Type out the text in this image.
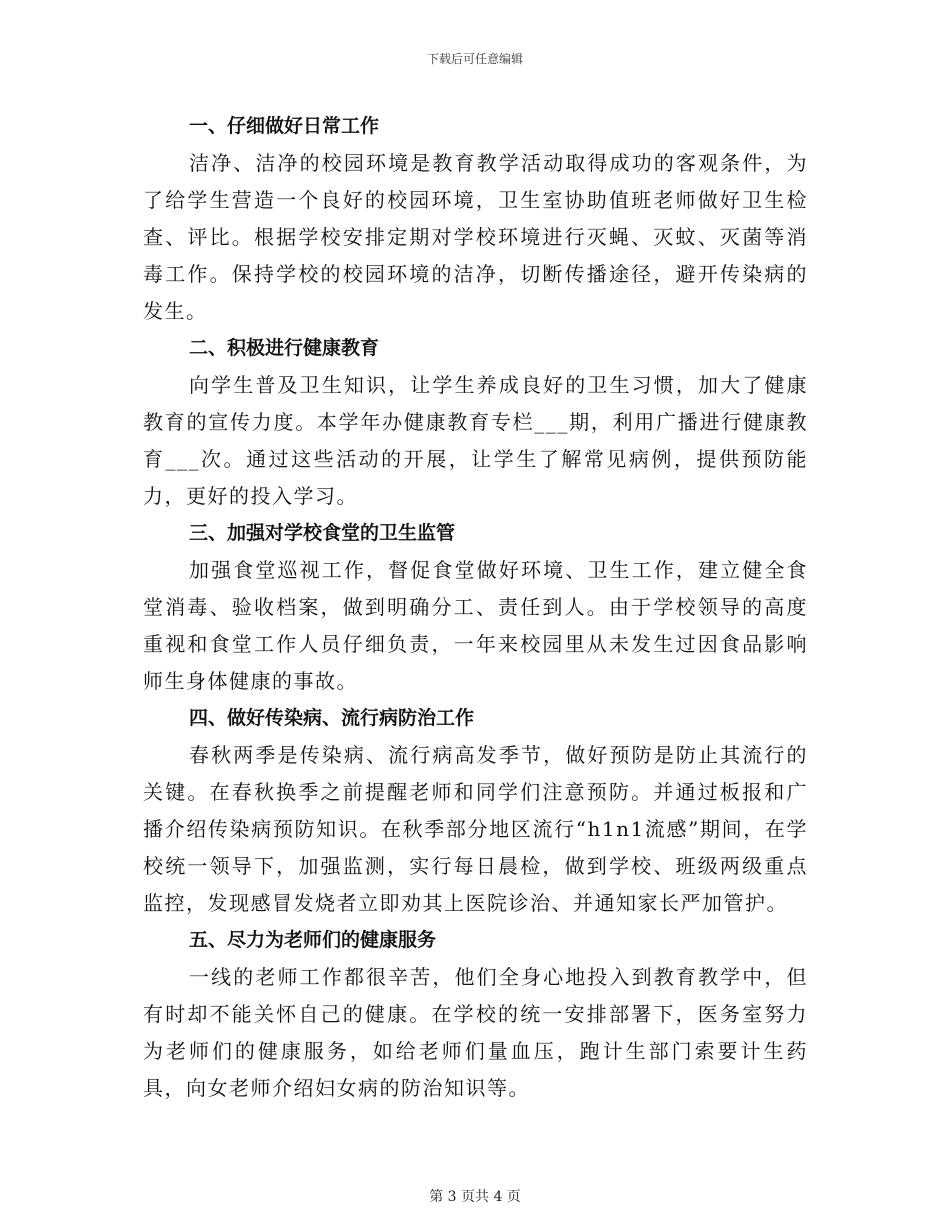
下载后可任意编辑
一、仔细做好日常工作

洁净、洁净的校园环境是教育教学活动取得成功的客观条件，为了给学生营造一个良好的校园环境，卫生室协助值班老师做好卫生检查、评比。根据学校安排定期对学校环境进行灭蝇、灭蚊、灭菌等消毒工作。保持学校的校园环境的洁净，切断传播途径，避开传染病的发生。

二、积极进行健康教育

向学生普及卫生知识，让学生养成良好的卫生习惯，加大了健康教育的宣传力度。本学年办健康教育专栏___期，利用广播进行健康教育___次。通过这些活动的开展，让学生了解常见病例，提供预防能力，更好的投入学习。

三、加强对学校食堂的卫生监管

加强食堂巡视工作，督促食堂做好环境、卫生工作，建立健全食堂消毒、验收档案，做到明确分工、责任到人。由于学校领导的高度重视和食堂工作人员仔细负责，一年来校园里从未发生过因食品影响师生身体健康的事故。

四、做好传染病、流行病防治工作

春秋两季是传染病、流行病高发季节，做好预防是防止其流行的关键。在春秋换季之前提醒老师和同学们注意预防。并通过板报和广播介绍传染病预防知识。在秋季部分地区流行“h1n1流感”期间，在学校统一领导下，加强监测，实行每日晨检，做到学校、班级两级重点监控，发现感冒发烧者立即劝其上医院诊治、并通知家长严加管护。

五、尽力为老师们的健康服务

一线的老师工作都很辛苦，他们全身心地投入到教育教学中，但有时却不能关怀自己的健康。在学校的统一安排部署下，医务室努力为老师们的健康服务，如给老师们量血压，跑计生部门索要计生药具，向女老师介绍妇女病的防治知识等。

第 3 页共 4 页
